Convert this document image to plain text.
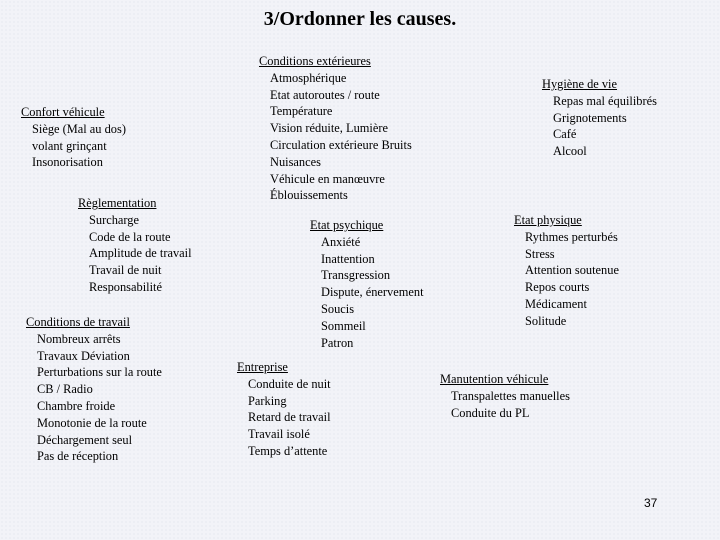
3/Ordonner les causes.
Conditions extérieures
Atmosphérique
Etat autoroutes / route
Température
Vision réduite, Lumière
Circulation extérieure Bruits
Nuisances
Véhicule en manœuvre
Éblouissements
Confort véhicule
Siège (Mal au dos)
volant grinçant
Insonorisation
Hygiène de vie
Repas mal équilibrés
Grignotements
Café
Alcool
Règlementation
Surcharge
Code de la route
Amplitude de travail
Travail de nuit
Responsabilité
Etat psychique
Anxiété
Inattention
Transgression
Dispute, énervement
Soucis
Sommeil
Patron
Etat physique
Rythmes perturbés
Stress
Attention soutenue
Repos courts
Médicament
Solitude
Conditions de travail
Nombreux arrêts
Travaux Déviation
Perturbations sur la route
CB / Radio
Chambre froide
Monotonie de la route
Déchargement seul
Pas de réception
Entreprise
Conduite de nuit
Parking
Retard de travail
Travail isolé
Temps d’attente
Manutention véhicule
Transpalettes manuelles
Conduite du PL
37
